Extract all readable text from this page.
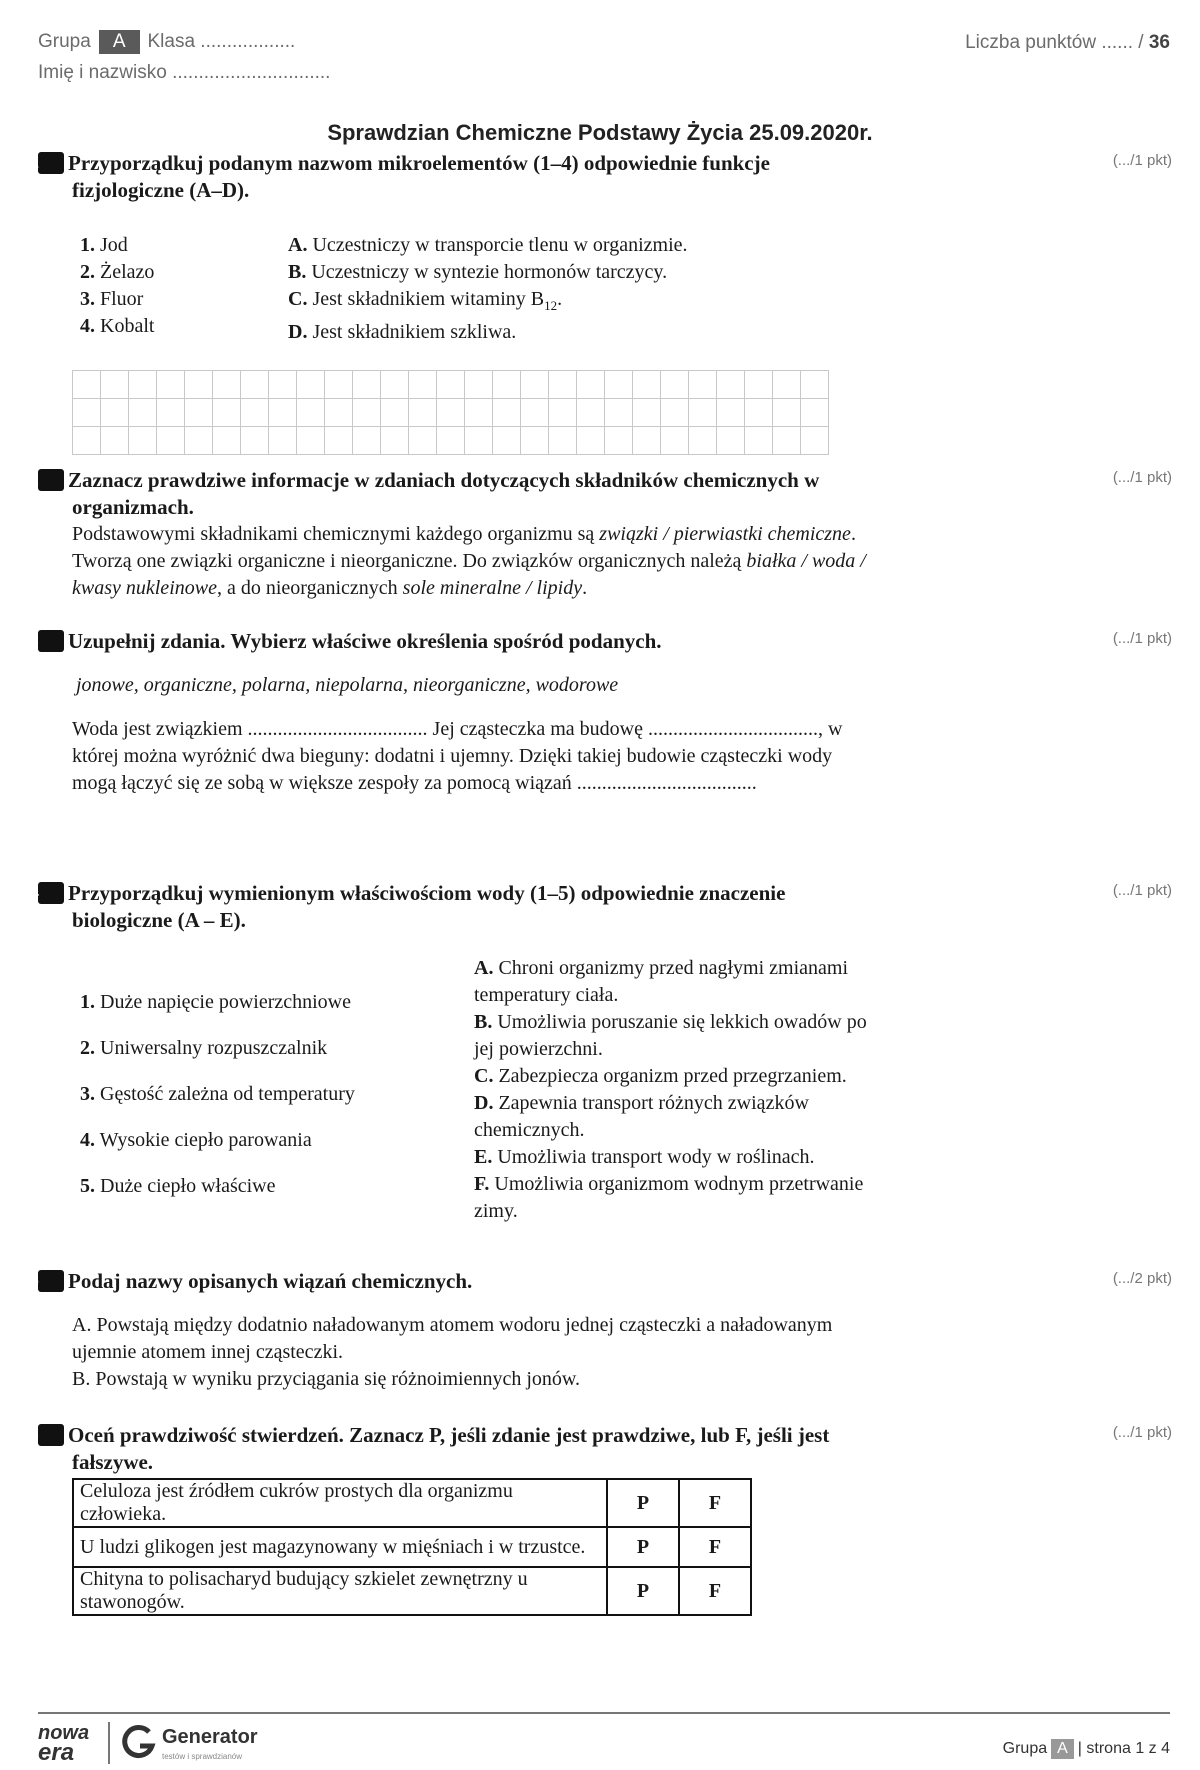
Grupa A Klasa ..................
Imię i nazwisko ..............................
Liczba punktów ...... / 36
Sprawdzian Chemiczne Podstawy Życia 25.09.2020r.
1 Przyporządkuj podanym nazwom mikroelementów (1–4) odpowiednie funkcje fizjologiczne (A–D).
(.../1 pkt)
1. Jod
2. Żelazo
3. Fluor
4. Kobalt
A. Uczestniczy w transporcie tlenu w organizmie.
B. Uczestniczy w syntezie hormonów tarczycy.
C. Jest składnikiem witaminy $B_{12}$.
D. Jest składnikiem szkliwa.

2 Zaznacz prawdziwe informacje w zdaniach dotyczących składników chemicznych w organizmach.
Podstawowymi składnikami chemicznymi każdego organizmu są związki / pierwiastki chemiczne. Tworzą one związki organiczne i nieorganiczne. Do związków organicznych należą białka / woda / kwasy nukleinowe, a do nieorganicznych sole mineralne / lipidy.
(.../1 pkt)
3 Uzupełnij zdania. Wybierz właściwe określenia spośród podanych.
jonowe, organiczne, polarna, niepolarna, nieorganiczne, wodorowe
Woda jest związkiem .................................... Jej cząsteczka ma budowę .................................., w której można wyróżnić dwa bieguny: dodatni i ujemny. Dzięki takiej budowie cząsteczki wody mogą łączyć się ze sobą w większe zespoły za pomocą wiązań ....................................
(.../1 pkt)
4 Przyporządkuj wymienionym właściwościom wody (1–5) odpowiednie znaczenie biologiczne (A – E).
(.../1 pkt)
1. Duże napięcie powierzchniowe
2. Uniwersalny rozpuszczalnik
3. Gęstość zależna od temperatury
4. Wysokie ciepło parowania
5. Duże ciepło właściwe
A. Chroni organizmy przed nagłymi zmianami temperatury ciała.
B. Umożliwia poruszanie się lekkich owadów po jej powierzchni.
C. Zabezpiecza organizm przed przegrzaniem.
D. Zapewnia transport różnych związków chemicznych.
E. Umożliwia transport wody w roślinach.
F. Umożliwia organizmom wodnym przetrwanie zimy.
5 Podaj nazwy opisanych wiązań chemicznych.
A. Powstają między dodatnio naładowanym atomem wodoru jednej cząsteczki a naładowanym ujemnie atomem innej cząsteczki.
B. Powstają w wyniku przyciągania się różnoimiennych jonów.
(.../2 pkt)
6 Oceń prawdziwość stwierdzeń. Zaznacz P, jeśli zdanie jest prawdziwe, lub F, jeśli jest fałszywe.
(.../1 pkt)
Celuloza jest źródłem cukrów prostych dla organizmu człowieka.	P	F
U ludzi glikogen jest magazynowany w mięśniach i w trzustce.	P	F
Chityna to polisacharyd budujący szkielet zewnętrzny u stawonogów.	P	F
nowa
era
Generator
testów i sprawdzianów	Grupa A | strona 1 z 4
